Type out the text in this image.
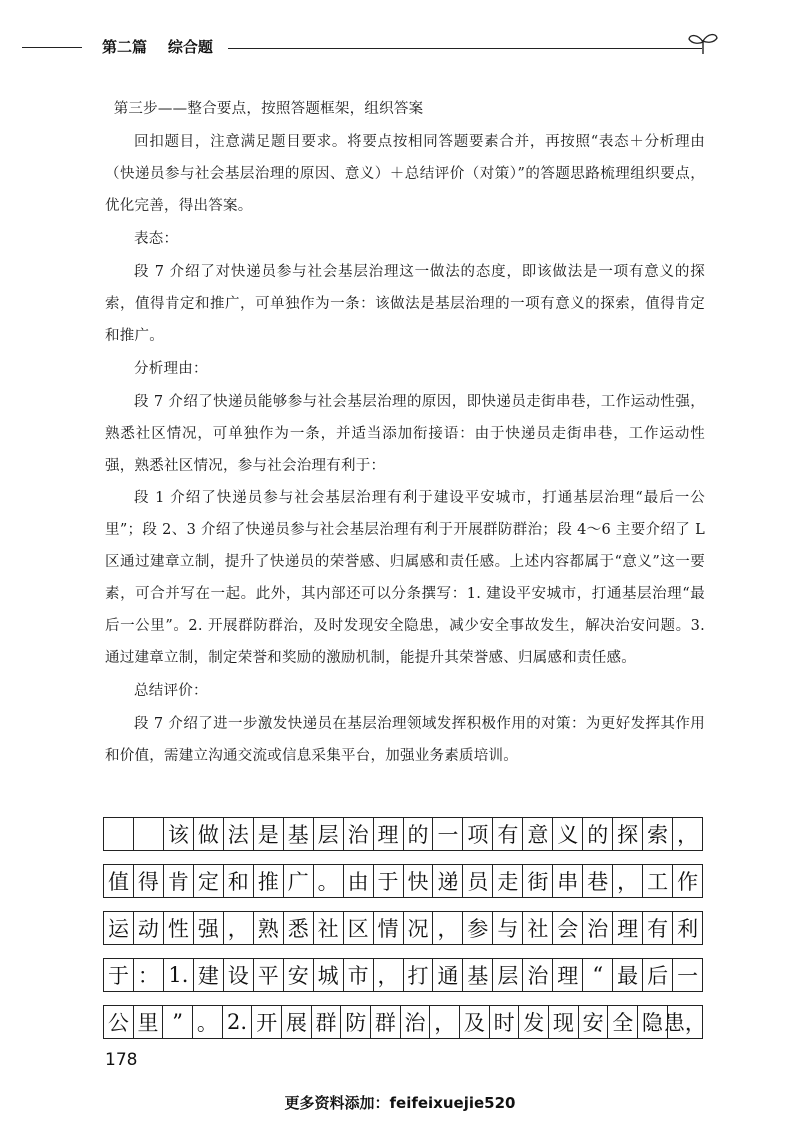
第二篇    综合题

第三步——整合要点，按照答题框架，组织答案

回扣题目，注意满足题目要求。将要点按相同答题要素合并，再按照“表态＋分析理由（快递员参与社会基层治理的原因、意义）＋总结评价（对策）”的答题思路梳理组织要点，优化完善，得出答案。

表态：

段 7 介绍了对快递员参与社会基层治理这一做法的态度，即该做法是一项有意义的探索，值得肯定和推广，可单独作为一条：该做法是基层治理的一项有意义的探索，值得肯定和推广。

分析理由：

段 7 介绍了快递员能够参与社会基层治理的原因，即快递员走街串巷，工作运动性强，熟悉社区情况，可单独作为一条，并适当添加衔接语：由于快递员走街串巷，工作运动性强，熟悉社区情况，参与社会治理有利于：

段 1 介绍了快递员参与社会基层治理有利于建设平安城市，打通基层治理“最后一公里”；段 2、3 介绍了快递员参与社会基层治理有利于开展群防群治；段 4～6 主要介绍了 L 区通过建章立制，提升了快递员的荣誉感、归属感和责任感。上述内容都属于“意义”这一要素，可合并写在一起。此外，其内部还可以分条撰写：1. 建设平安城市，打通基层治理“最后一公里”。2. 开展群防群治，及时发现安全隐患，减少安全事故发生，解决治安问题。3. 通过建章立制，制定荣誉和奖励的激励机制，能提升其荣誉感、归属感和责任感。

总结评价：

段 7 介绍了进一步激发快递员在基层治理领域发挥积极作用的对策：为更好发挥其作用和价值，需建立沟通交流或信息采集平台，加强业务素质培训。

该 做 法 是 基 层 治 理 的 一 项 有 意 义 的 探 索 ，
值 得 肯 定 和 推 广 。 由 于 快 递 员 走 街 串 巷 ， 工 作
运 动 性 强 ， 熟 悉 社 区 情 况 ， 参 与 社 会 治 理 有 利
于 ： 1. 建 设 平 安 城 市 ， 打 通 基 层 治 理 “ 最 后 一
公 里 ” 。 2. 开 展 群 防 群 治 ， 及 时 发 现 安 全 隐 患，
178
更多资料添加：feifeixuejie520
